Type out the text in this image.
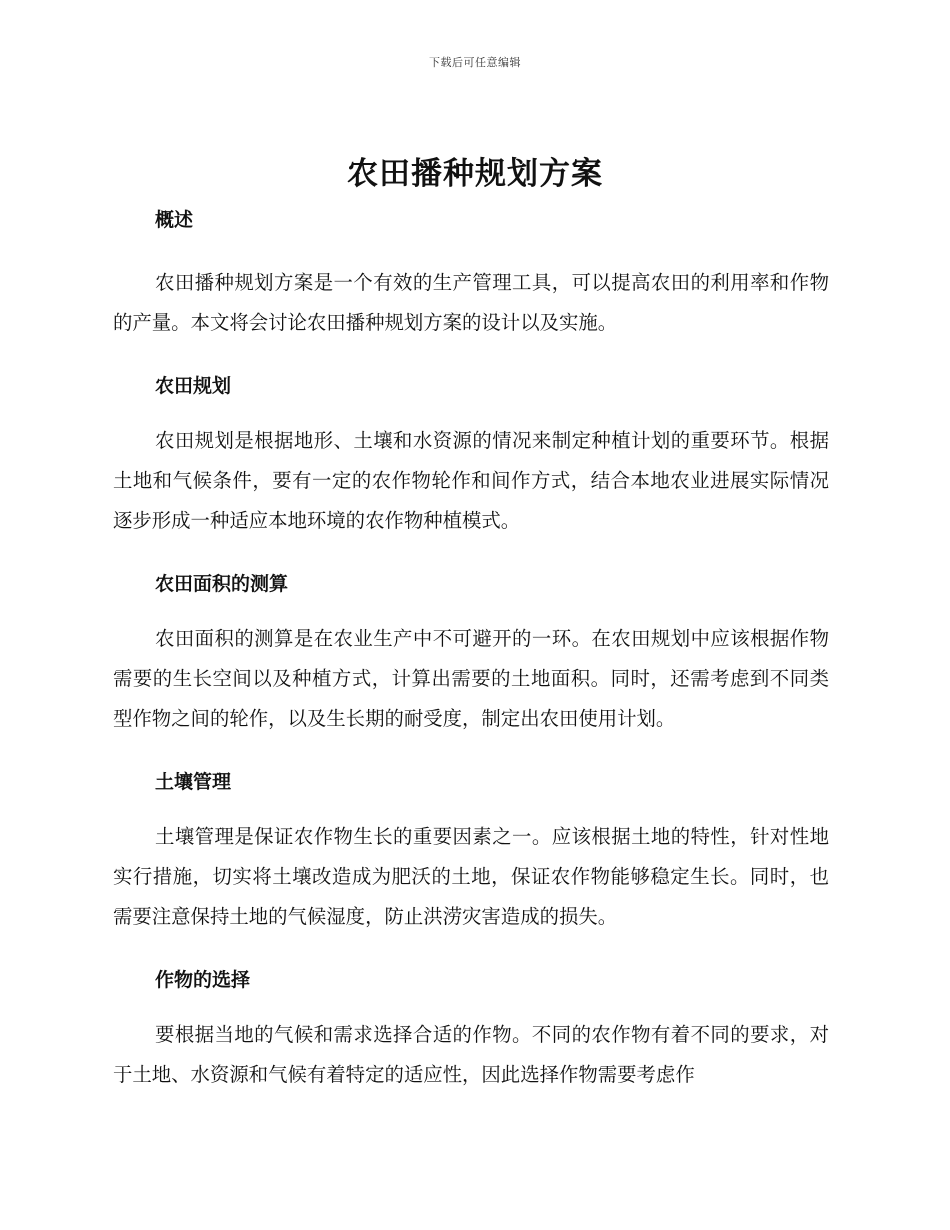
下载后可任意编辑
农田播种规划方案
概述

农田播种规划方案是一个有效的生产管理工具，可以提高农田的利用率和作物的产量。本文将会讨论农田播种规划方案的设计以及实施。

农田规划

农田规划是根据地形、土壤和水资源的情况来制定种植计划的重要环节。根据土地和气候条件，要有一定的农作物轮作和间作方式，结合本地农业进展实际情况逐步形成一种适应本地环境的农作物种植模式。

农田面积的测算

农田面积的测算是在农业生产中不可避开的一环。在农田规划中应该根据作物需要的生长空间以及种植方式，计算出需要的土地面积。同时，还需考虑到不同类型作物之间的轮作，以及生长期的耐受度，制定出农田使用计划。

土壤管理

土壤管理是保证农作物生长的重要因素之一。应该根据土地的特性，针对性地实行措施，切实将土壤改造成为肥沃的土地，保证农作物能够稳定生长。同时，也需要注意保持土地的气候湿度，防止洪涝灾害造成的损失。

作物的选择

要根据当地的气候和需求选择合适的作物。不同的农作物有着不同的要求，对于土地、水资源和气候有着特定的适应性，因此选择作物需要考虑作
